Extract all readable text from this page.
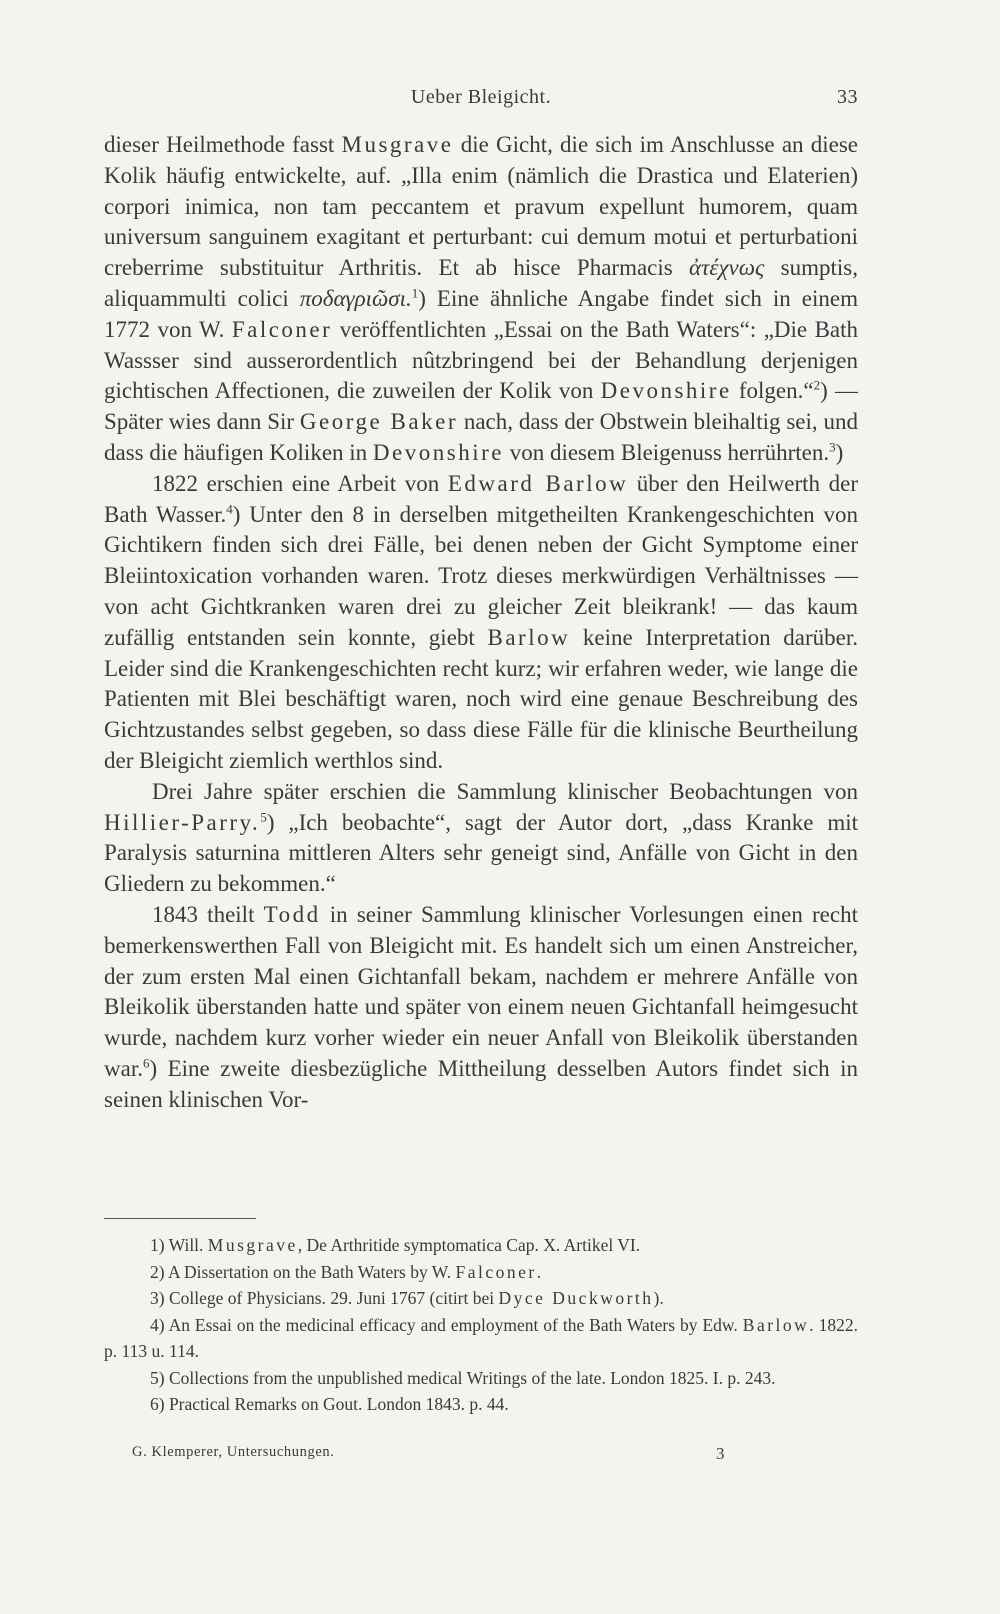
Ueber Bleigicht.	33

dieser Heilmethode fasst Musgrave die Gicht, die sich im Anschlusse an diese Kolik häufig entwickelte, auf. „Illa enim (nämlich die Drastica und Elaterien) corpori inimica, non tam peccantem et pravum expellunt humorem, quam universum sanguinem exagitant et perturbant: cui demum motui et perturbationi creberrime substituitur Arthritis. Et ab hisce Pharmacis ἀτέχνως sumptis, aliquammulti colici ποδαγριῶσι.$^1$) Eine ähnliche Angabe findet sich in einem 1772 von W. Falconer veröffentlichten „Essai on the Bath Waters“: „Die Bath Wassser sind ausserordentlich nûtzbringend bei der Behandlung derjenigen gichtischen Affectionen, die zuweilen der Kolik von Devonshire folgen.“$^2$) — Später wies dann Sir George Baker nach, dass der Obstwein bleihaltig sei, und dass die häufigen Koliken in Devonshire von diesem Bleigenuss herrührten.$^3$)

1822 erschien eine Arbeit von Edward Barlow über den Heilwerth der Bath Wasser.$^4$) Unter den 8 in derselben mitgetheilten Krankengeschichten von Gichtikern finden sich drei Fälle, bei denen neben der Gicht Symptome einer Bleiintoxication vorhanden waren. Trotz dieses merkwürdigen Verhältnisses — von acht Gichtkranken waren drei zu gleicher Zeit bleikrank! — das kaum zufällig entstanden sein konnte, giebt Barlow keine Interpretation darüber. Leider sind die Krankengeschichten recht kurz; wir erfahren weder, wie lange die Patienten mit Blei beschäftigt waren, noch wird eine genaue Beschreibung des Gichtzustandes selbst gegeben, so dass diese Fälle für die klinische Beurtheilung der Bleigicht ziemlich werthlos sind.

Drei Jahre später erschien die Sammlung klinischer Beobachtungen von Hillier-Parry.$^5$) „Ich beobachte“, sagt der Autor dort, „dass Kranke mit Paralysis saturnina mittleren Alters sehr geneigt sind, Anfälle von Gicht in den Gliedern zu bekommen.“

1843 theilt Todd in seiner Sammlung klinischer Vorlesungen einen recht bemerkenswerthen Fall von Bleigicht mit. Es handelt sich um einen Anstreicher, der zum ersten Mal einen Gichtanfall bekam, nachdem er mehrere Anfälle von Bleikolik überstanden hatte und später von einem neuen Gichtanfall heimgesucht wurde, nachdem kurz vorher wieder ein neuer Anfall von Bleikolik überstanden war.$^6$) Eine zweite diesbezügliche Mittheilung desselben Autors findet sich in seinen klinischen Vor-

1) Will. Musgrave, De Arthritide symptomatica Cap. X. Artikel VI.
2) A Dissertation on the Bath Waters by W. Falconer.
3) College of Physicians. 29. Juni 1767 (citirt bei Dyce Duckworth).
4) An Essai on the medicinal efficacy and employment of the Bath Waters by Edw. Barlow. 1822. p. 113 u. 114.
5) Collections from the unpublished medical Writings of the late. London 1825. I. p. 243.
6) Practical Remarks on Gout. London 1843. p. 44.
G. Klemperer, Untersuchungen.	3
